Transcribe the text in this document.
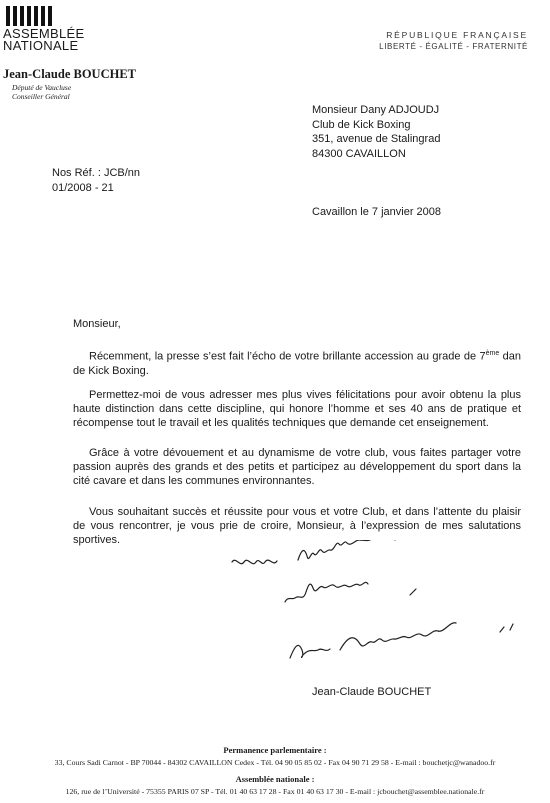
ASSEMBLÉE
NATIONALE
Jean-Claude BOUCHET
Député de Vaucluse
Conseiller Général
RÉPUBLIQUE FRANÇAISE
LIBERTÉ - ÉGALITÉ - FRATERNITÉ
Monsieur Dany ADJOUDJ
Club de Kick Boxing
351, avenue de Stalingrad
84300 CAVAILLON
Nos Réf. : JCB/nn
01/2008 - 21
Cavaillon le 7 janvier 2008
Monsieur,

Récemment, la presse s’est fait l’écho de votre brillante accession au grade de 7ème dan de Kick Boxing.

Permettez-moi de vous adresser mes plus vives félicitations pour avoir obtenu la plus haute distinction dans cette discipline, qui honore l’homme et ses 40 ans de pratique et récompense tout le travail et les qualités techniques que demande cet enseignement.

Grâce à votre dévouement et au dynamisme de votre club, vous faites partager votre passion auprès des grands et des petits et participez au développement du sport dans la cité cavare et dans les communes environnantes.

Vous souhaitant succès et réussite pour vous et votre Club, et dans l’attente du plaisir de vous rencontrer, je vous prie de croire, Monsieur, à l’expression de mes salutations sportives.

Jean-Claude BOUCHET
Permanence parlementaire :
33, Cours Sadi Carnot - BP 70044 - 84302 CAVAILLON Cedex - Tél. 04 90 05 85 02 - Fax 04 90 71 29 58 - E-mail : bouchetjc@wanadoo.fr
Assemblée nationale :
126, rue de l’Université - 75355 PARIS 07 SP - Tél. 01 40 63 17 28 - Fax 01 40 63 17 30 - E-mail : jcbouchet@assemblee.nationale.fr
